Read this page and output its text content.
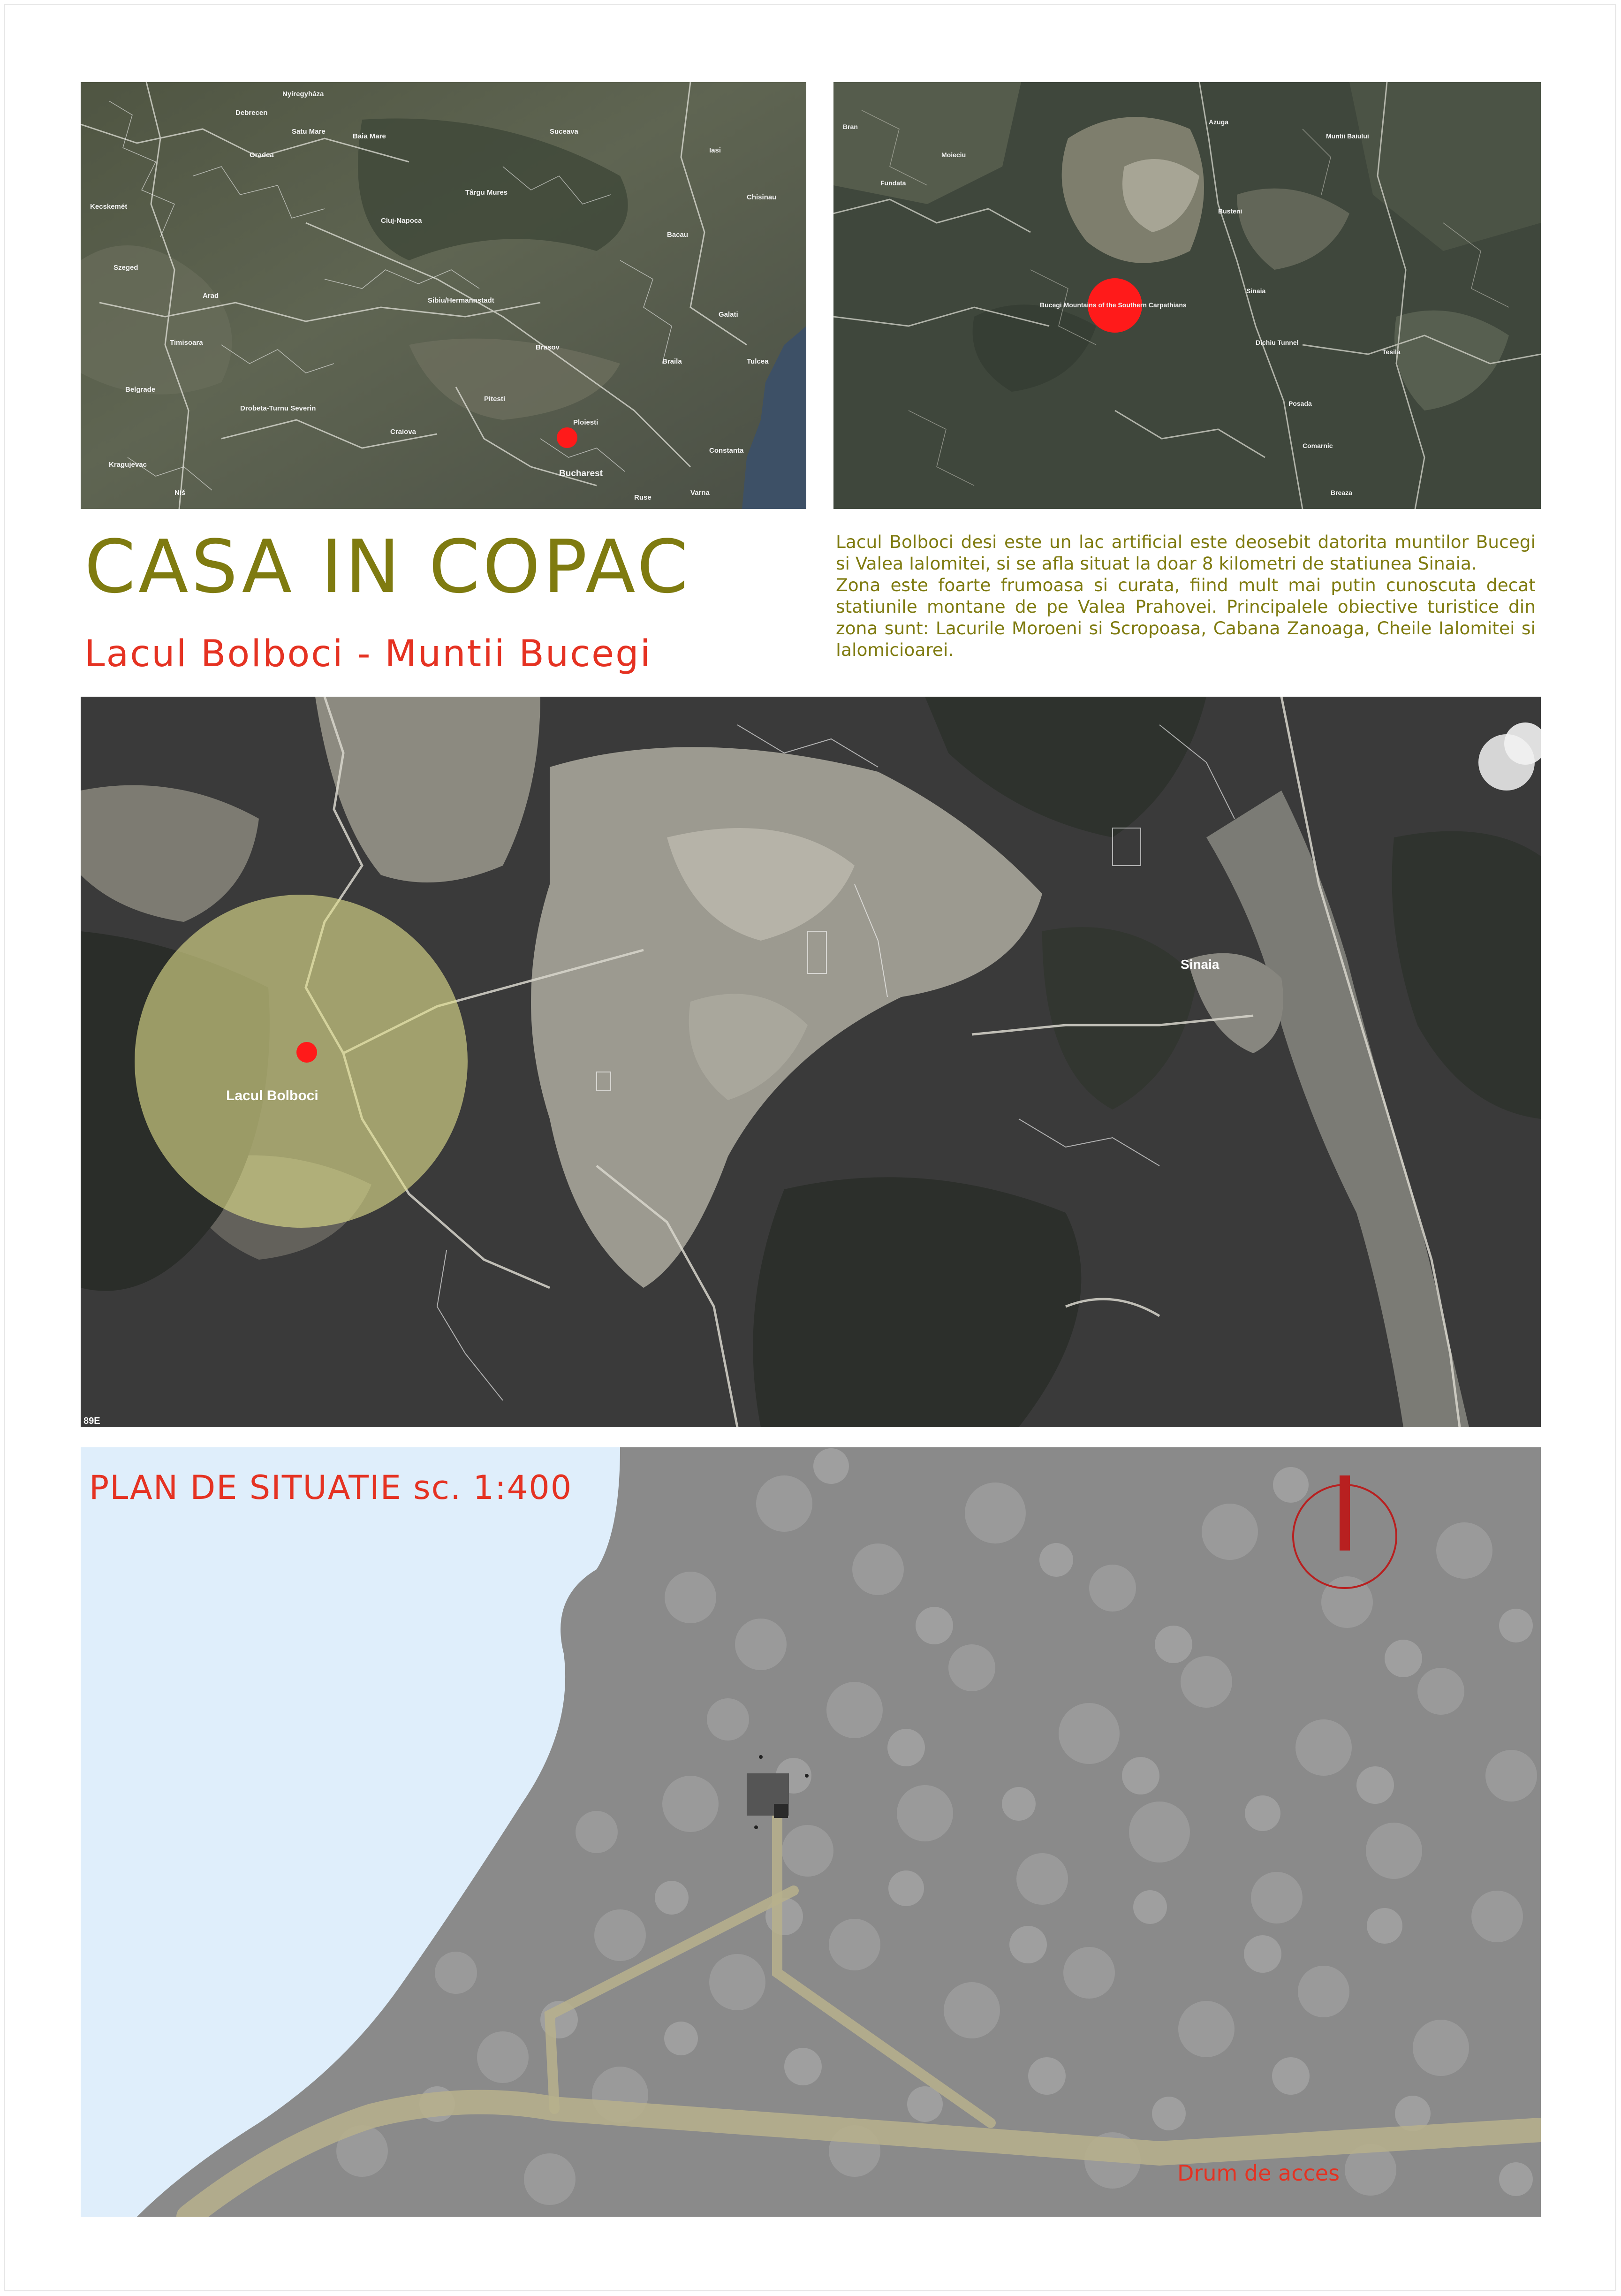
Nyíregyháza
Debrecen
Oradea
Kecskemét
Szeged
Timisoara
Arad
Cluj-Napoca
Târgu Mures
Sibiu/Hermannstadt
Brasov
Bacau
Iasi
Galati
Constanta
Ploiesti
Bucharest
Craiova
Belgrade
Drobeta-Turnu Severin
Kragujevac
Satu Mare
Baia Mare
Suceava
Chisinau
Pitesti
Braila	Tulcea
Niš
Ruse
Varna
Bucegi Mountains of the Southern Carpathians
Azuga
Muntii Baiului
Sinaia
Busteni
Fundata
Moieciu
Bran
Posada
Comarnic
Breaza
Tesila
Dichiu Tunnel
CASA IN COPAC
Lacul Bolboci - Muntii Bucegi

Lacul Bolboci desi este un lac artificial este deosebit datorita muntilor Bucegi si Valea Ialomitei, si se afla situat la doar 8 kilometri de statiunea Sinaia.

Zona este foarte frumoasa si curata, fiind mult mai putin cunoscuta decat statiunile montane de pe Valea Prahovei. Principalele obiective turistice din zona sunt: Lacurile Moroeni si Scropoasa, Cabana Zanoaga, Cheile Ialomitei si Ialomicioarei.

Lacul Bolboci
Sinaia
89E
PLAN DE SITUATIE sc. 1:400
Drum de acces
